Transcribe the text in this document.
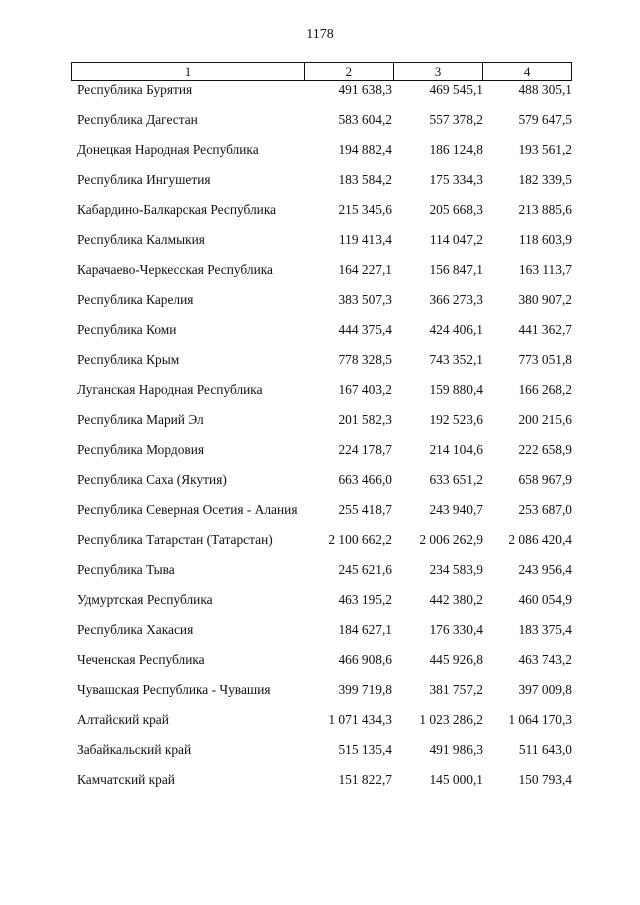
1178
1	2	3	4
Республика Бурятия	491 638,3	469 545,1	488 305,1
Республика Дагестан	583 604,2	557 378,2	579 647,5
Донецкая Народная Республика	194 882,4	186 124,8	193 561,2
Республика Ингушетия	183 584,2	175 334,3	182 339,5
Кабардино-Балкарская Республика	215 345,6	205 668,3	213 885,6
Республика Калмыкия	119 413,4	114 047,2	118 603,9
Карачаево-Черкесская Республика	164 227,1	156 847,1	163 113,7
Республика Карелия	383 507,3	366 273,3	380 907,2
Республика Коми	444 375,4	424 406,1	441 362,7
Республика Крым	778 328,5	743 352,1	773 051,8
Луганская Народная Республика	167 403,2	159 880,4	166 268,2
Республика Марий Эл	201 582,3	192 523,6	200 215,6
Республика Мордовия	224 178,7	214 104,6	222 658,9
Республика Саха (Якутия)	663 466,0	633 651,2	658 967,9
Республика Северная Осетия - Алания	255 418,7	243 940,7	253 687,0
Республика Татарстан (Татарстан)	2 100 662,2	2 006 262,9	2 086 420,4
Республика Тыва	245 621,6	234 583,9	243 956,4
Удмуртская Республика	463 195,2	442 380,2	460 054,9
Республика Хакасия	184 627,1	176 330,4	183 375,4
Чеченская Республика	466 908,6	445 926,8	463 743,2
Чувашская Республика - Чувашия	399 719,8	381 757,2	397 009,8
Алтайский край	1 071 434,3	1 023 286,2	1 064 170,3
Забайкальский край	515 135,4	491 986,3	511 643,0
Камчатский край	151 822,7	145 000,1	150 793,4
